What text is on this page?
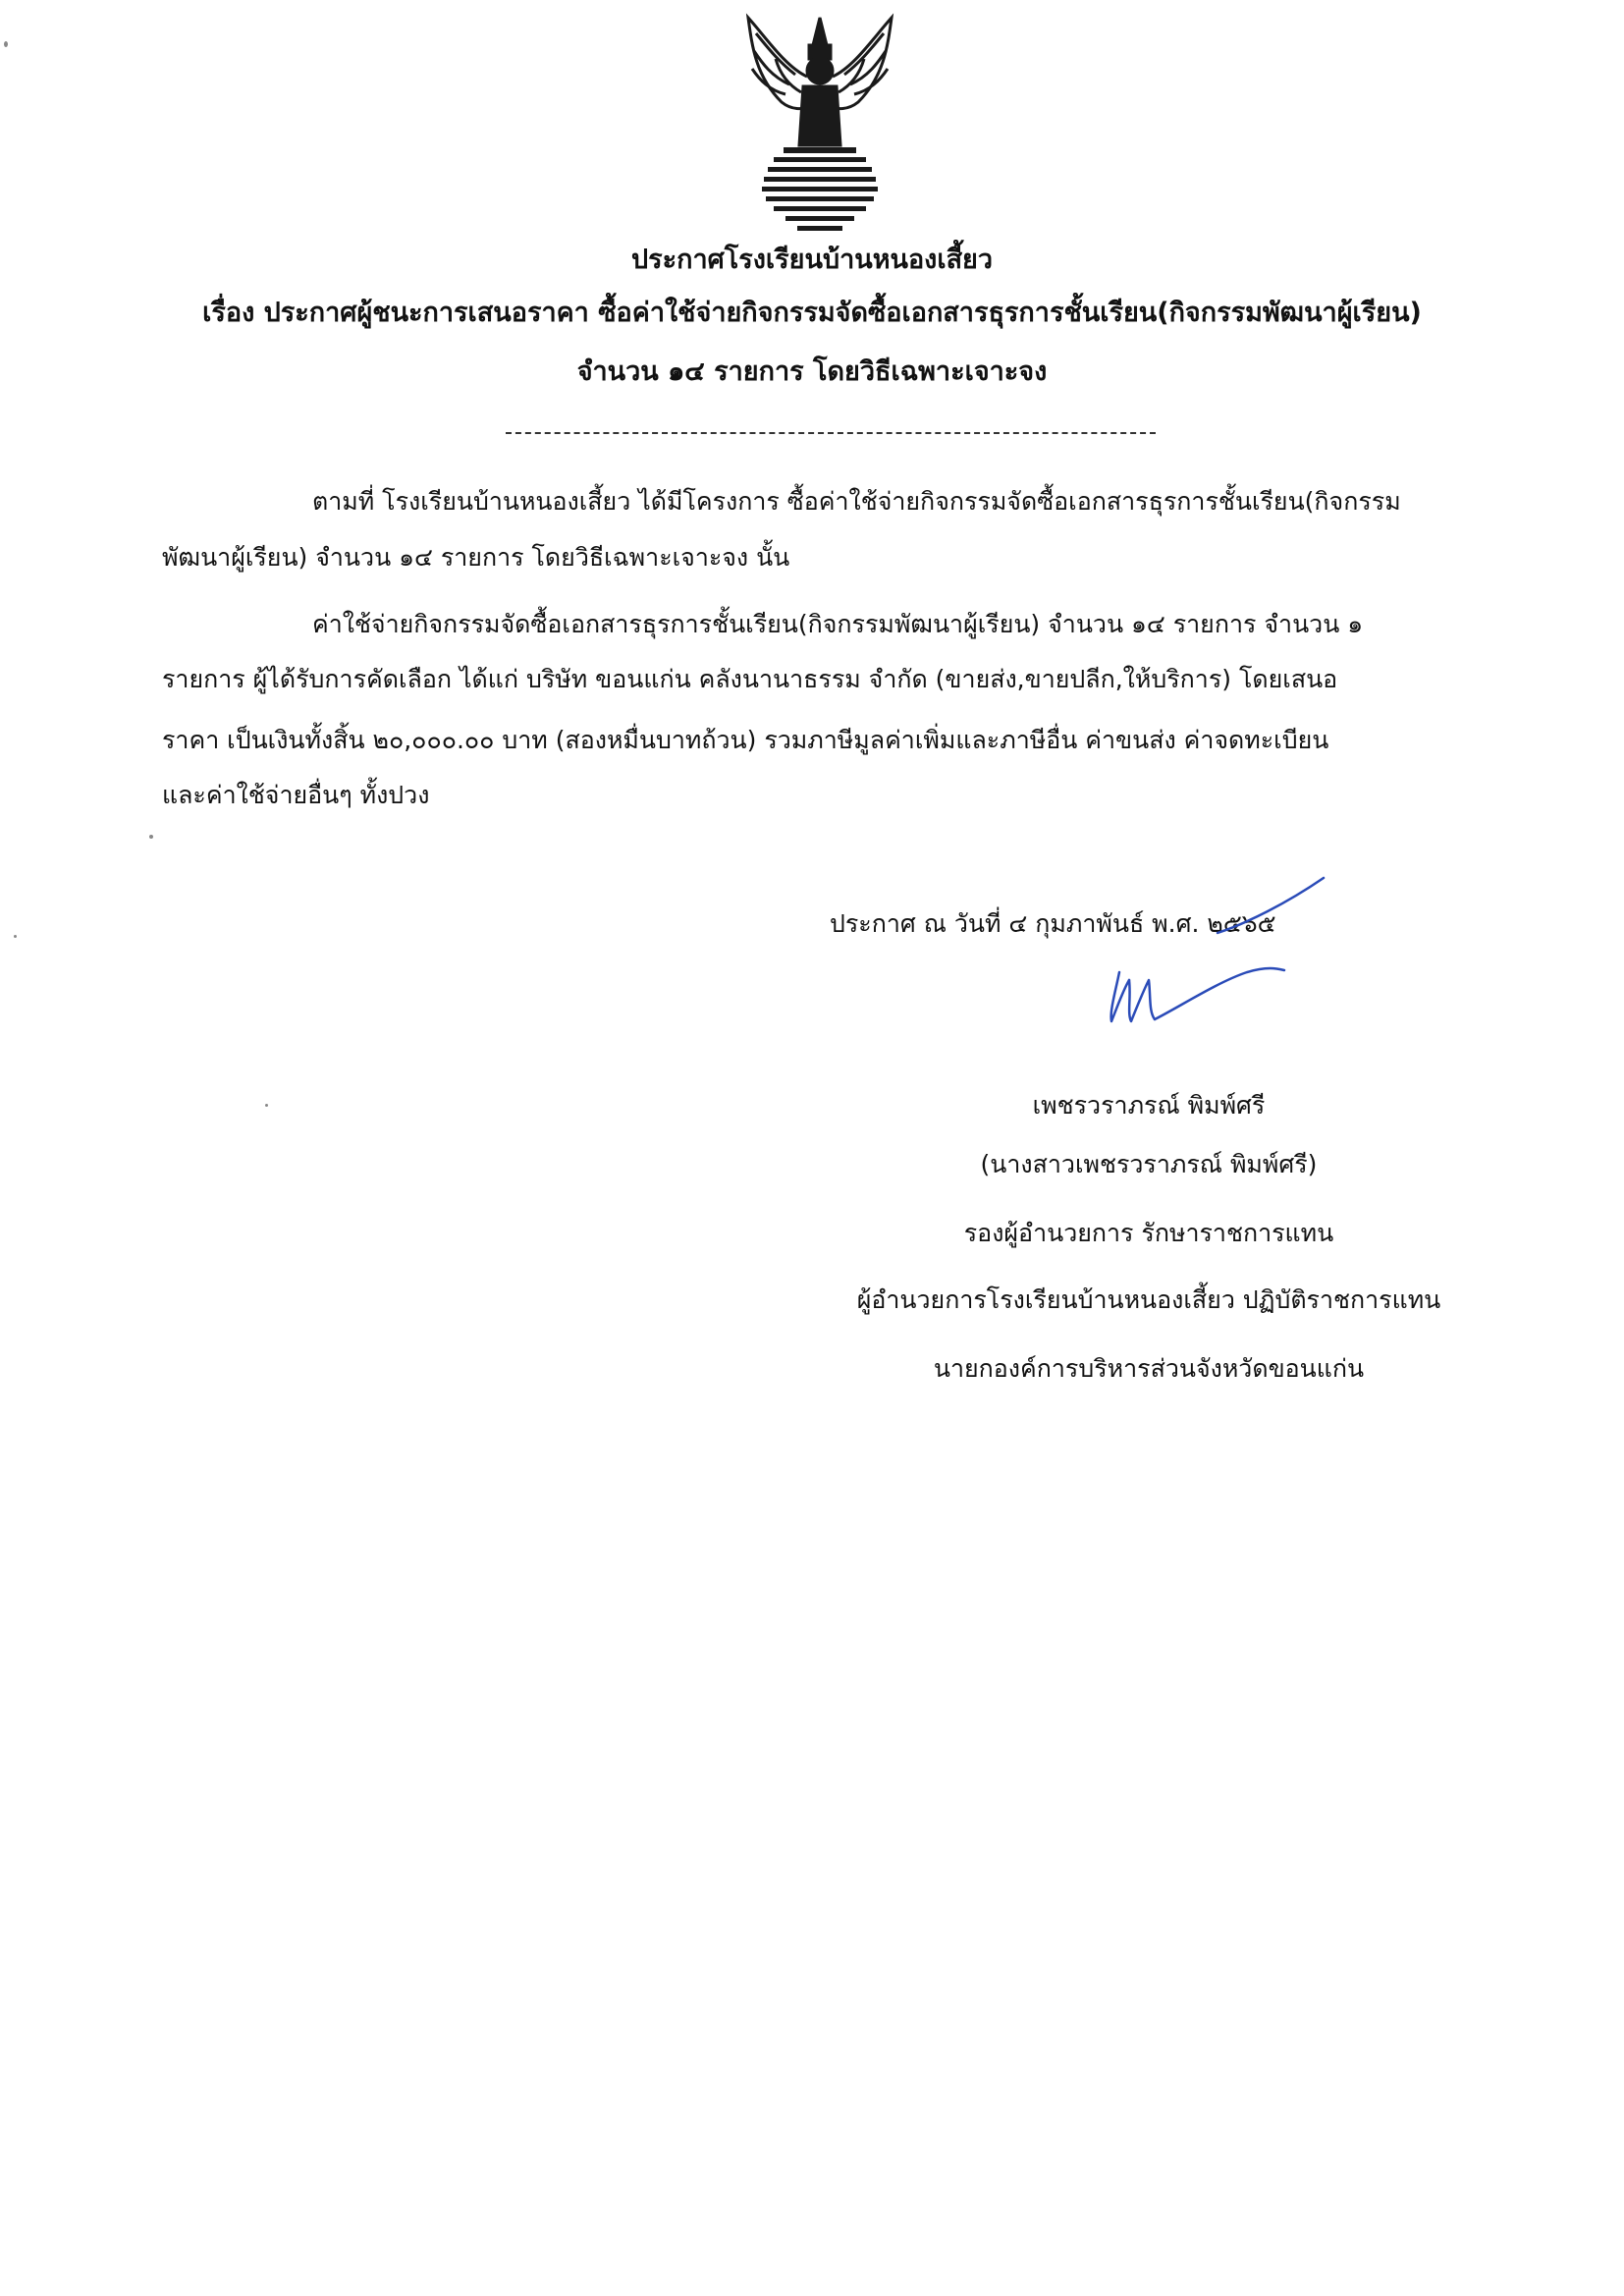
ประกาศโรงเรียนบ้านหนองเสี้ยว
เรื่อง ประกาศผู้ชนะการเสนอราคา ซื้อค่าใช้จ่ายกิจกรรมจัดซื้อเอกสารธุรการชั้นเรียน(กิจกรรมพัฒนาผู้เรียน)
จำนวน ๑๔ รายการ โดยวิธีเฉพาะเจาะจง
ตามที่ โรงเรียนบ้านหนองเสี้ยว ได้มีโครงการ ซื้อค่าใช้จ่ายกิจกรรมจัดซื้อเอกสารธุรการชั้นเรียน(กิจกรรม
พัฒนาผู้เรียน) จำนวน ๑๔ รายการ โดยวิธีเฉพาะเจาะจง นั้น
ค่าใช้จ่ายกิจกรรมจัดซื้อเอกสารธุรการชั้นเรียน(กิจกรรมพัฒนาผู้เรียน) จำนวน ๑๔ รายการ จำนวน ๑
รายการ ผู้ได้รับการคัดเลือก ได้แก่ บริษัท ขอนแก่น คลังนานาธรรม จำกัด (ขายส่ง,ขายปลีก,ให้บริการ) โดยเสนอ
ราคา เป็นเงินทั้งสิ้น ๒๐,๐๐๐.๐๐ บาท (สองหมื่นบาทถ้วน) รวมภาษีมูลค่าเพิ่มและภาษีอื่น ค่าขนส่ง ค่าจดทะเบียน
และค่าใช้จ่ายอื่นๆ ทั้งปวง
ประกาศ ณ วันที่ ๔ กุมภาพันธ์ พ.ศ. ๒๕๖๕
เพชรวราภรณ์ พิมพ์ศรี
(นางสาวเพชรวราภรณ์ พิมพ์ศรี)
รองผู้อำนวยการ รักษาราชการแทน
ผู้อำนวยการโรงเรียนบ้านหนองเสี้ยว ปฏิบัติราชการแทน
นายกองค์การบริหารส่วนจังหวัดขอนแก่น
